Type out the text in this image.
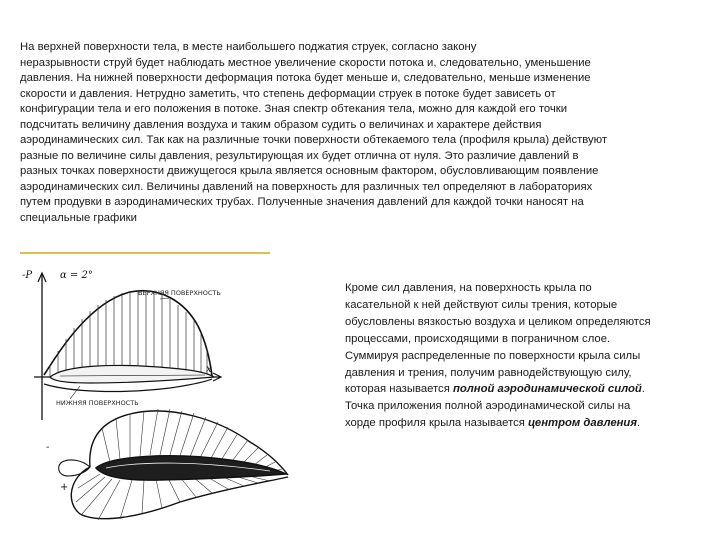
На верхней поверхности тела, в месте наибольшего поджатия струек, согласно закону
неразрывности струй будет наблюдать местное увеличение скорости потока и, следовательно, уменьшение
давления. На нижней поверхности деформация потока будет меньше и, следовательно, меньше изменение
скорости и давления. Нетрудно заметить, что степень деформации струек в потоке будет зависеть от
конфигурации тела и его положения в потоке. Зная спектр обтекания тела, можно для каждой его точки
подсчитать величину давления воздуха и таким образом судить о величинах и характере действия
аэродинамических сил. Так как на различные точки поверхности обтекаемого тела (профиля крыла) действуют
разные по величине силы давления, результирующая их будет отлична от нуля. Это различие давлений в
разных точках поверхности движущегося крыла является основным фактором, обусловливающим появление
аэродинамических сил. Величины давлений на поверхность для различных тел определяют в лабораториях
путем продувки в аэродинамических трубах. Полученные значения давлений для каждой точки наносят на
специальные графики

-P	α = 2°
x
ВЕРХНЯЯ ПОВЕРХНОСТЬ
НИЖНЯЯ ПОВЕРХНОСТЬ
-
+

Кроме сил давления, на поверхность крыла по
касательной к ней действуют силы трения, которые
обусловлены вязкостью воздуха и целиком определяются
процессами, происходящими в пограничном слое.
Суммируя распределенные по поверхности крыла силы
давления и трения, получим равнодействующую силу,
которая называется полной аэродинамической силой.
Точка приложения полной аэродинамической силы на
хорде профиля крыла называется центром давления.
